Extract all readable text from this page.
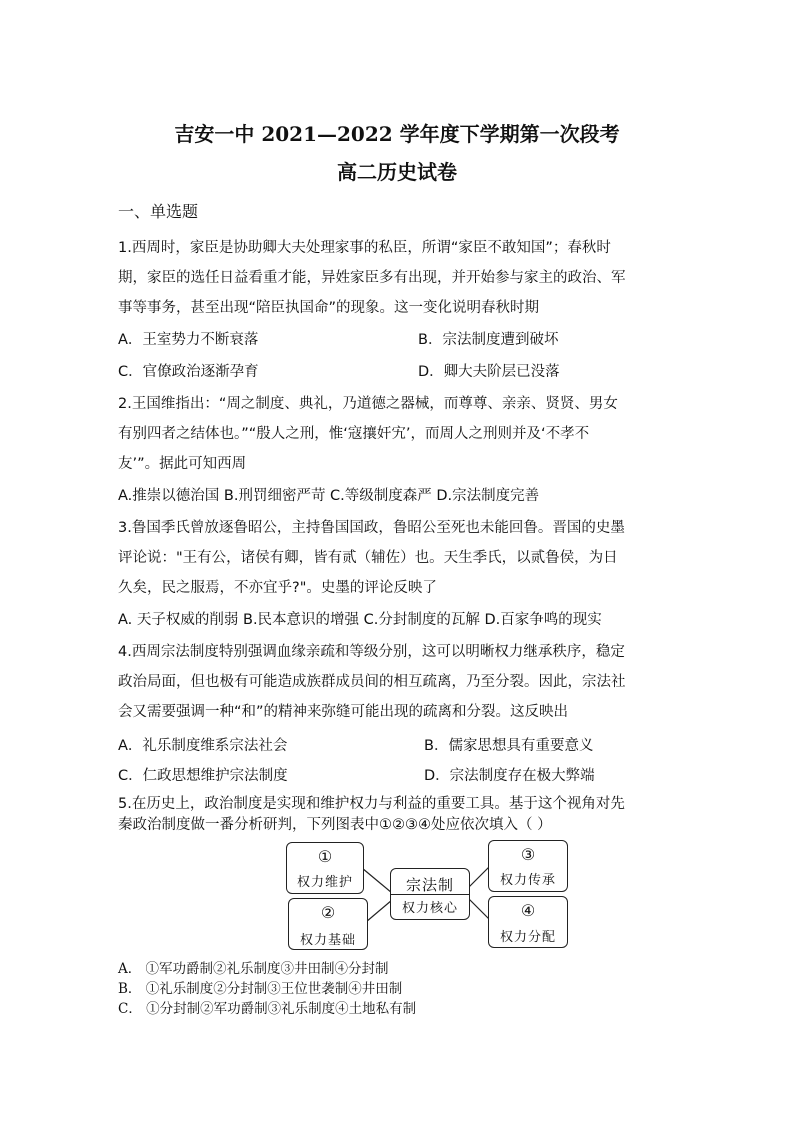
吉安一中 2021—2022 学年度下学期第一次段考
高二历史试卷
一、单选题
1.西周时，家臣是协助卿大夫处理家事的私臣，所谓“家臣不敢知国”；春秋时
期，家臣的选任日益看重才能，异姓家臣多有出现，并开始参与家主的政治、军
事等事务，甚至出现“陪臣执国命”的现象。这一变化说明春秋时期
A．王室势力不断衰落	B．宗法制度遭到破坏
C．官僚政治逐渐孕育	D．卿大夫阶层已没落
2.王国维指出：“周之制度、典礼，乃道德之器械，而尊尊、亲亲、贤贤、男女
有别四者之结体也。”“殷人之刑，惟‘寇攘奸宄’，而周人之刑则并及‘不孝不
友’”。据此可知西周
A.推崇以德治国 B.刑罚细密严苛 C.等级制度森严 D.宗法制度完善
3.鲁国季氏曾放逐鲁昭公，主持鲁国国政，鲁昭公至死也未能回鲁。晋国的史墨
评论说："王有公，诸侯有卿，皆有贰（辅佐）也。天生季氏，以贰鲁侯，为日
久矣，民之服焉，不亦宜乎?"。史墨的评论反映了
A. 天子权威的削弱 B.民本意识的增强 C.分封制度的瓦解 D.百家争鸣的现实
4.西周宗法制度特别强调血缘亲疏和等级分别，这可以明晰权力继承秩序，稳定
政治局面，但也极有可能造成族群成员间的相互疏离，乃至分裂。因此，宗法社
会又需要强调一种“和”的精神来弥缝可能出现的疏离和分裂。这反映出
A．礼乐制度维系宗法社会	B．儒家思想具有重要意义
C．仁政思想维护宗法制度	D．宗法制度存在极大弊端
5.在历史上，政治制度是实现和维护权力与利益的重要工具。基于这个视角对先
秦政治制度做一番分析研判，下列图表中①②③④处应依次填入（ ）
①
权力维护
②
权力基础
宗法制
权力核心
③
权力传承
④
权力分配
A． ①军功爵制②礼乐制度③井田制④分封制
B． ①礼乐制度②分封制③王位世袭制④井田制
C． ①分封制②军功爵制③礼乐制度④土地私有制
